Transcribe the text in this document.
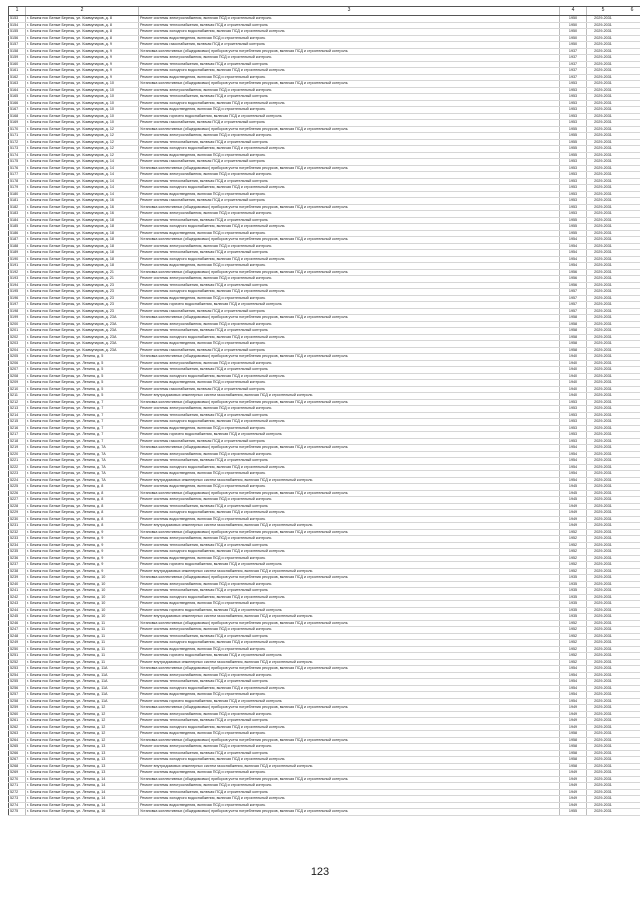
1	2	3	4	5	6
5153	г. Бежеж пос Белые Березы, ул. Коммунаров, д. 8	Ремонт системы электроснабжения, включая ПСД и строительный контроль	1950	2029-2031	
5154	г. Бежеж пос Белые Березы, ул. Коммунаров, д. 8	Ремонт системы теплоснабжения, включая ПСД и строительный контроль	1950	2029-2031	
5155	г. Бежеж пос Белые Березы, ул. Коммунаров, д. 8	Ремонт системы холодного водоснабжения, включая ПСД и строительный контроль	1950	2029-2031	
5156	г. Бежеж пос Белые Березы, ул. Коммунаров, д. 8	Ремонт системы водоотведения, включая ПСД и строительный контроль	1950	2029-2031	
5157	г. Бежеж пос Белые Березы, ул. Коммунаров, д. 9	Ремонт системы газоснабжения, включая ПСД и строительный контроль	1950	2029-2031	
5158	г. Бежеж пос Белые Березы, ул. Коммунаров, д. 9	Установка коллективных (общедомовых) приборов учета потребления ресурсов, включая ПСД и строительный контроль	1937	2029-2031	
5159	г. Бежеж пос Белые Березы, ул. Коммунаров, д. 9	Ремонт системы электроснабжения, включая ПСД и строительный контроль	1937	2029-2031	
5160	г. Бежеж пос Белые Березы, ул. Коммунаров, д. 9	Ремонт системы теплоснабжения, включая ПСД и строительный контроль	1937	2029-2031	
5161	г. Бежеж пос Белые Березы, ул. Коммунаров, д. 9	Ремонт системы холодного водоснабжения, включая ПСД и строительный контроль	1937	2029-2031	
5162	г. Бежеж пос Белые Березы, ул. Коммунаров, д. 9	Ремонт системы водоотведения, включая ПСД и строительный контроль	1937	2029-2031	
5163	г. Бежеж пос Белые Березы, ул. Коммунаров, д. 10	Установка коллективных (общедомовых) приборов учета потребления ресурсов, включая ПСД и строительный контроль	1953	2029-2031	
5164	г. Бежеж пос Белые Березы, ул. Коммунаров, д. 10	Ремонт системы электроснабжения, включая ПСД и строительный контроль	1953	2029-2031	
5165	г. Бежеж пос Белые Березы, ул. Коммунаров, д. 10	Ремонт системы теплоснабжения, включая ПСД и строительный контроль	1953	2029-2031	
5166	г. Бежеж пос Белые Березы, ул. Коммунаров, д. 10	Ремонт системы холодного водоснабжения, включая ПСД и строительный контроль	1953	2029-2031	
5167	г. Бежеж пос Белые Березы, ул. Коммунаров, д. 10	Ремонт системы водоотведения, включая ПСД и строительный контроль	1953	2029-2031	
5168	г. Бежеж пос Белые Березы, ул. Коммунаров, д. 10	Ремонт системы горячего водоснабжения, включая ПСД и строительный контроль	1953	2029-2031	
5169	г. Бежеж пос Белые Березы, ул. Коммунаров, д. 10	Ремонт системы газоснабжения, включая ПСД и строительный контроль	1953	2029-2031	
5170	г. Бежеж пос Белые Березы, ул. Коммунаров, д. 12	Установка коллективных (общедомовых) приборов учета потребления ресурсов, включая ПСД и строительный контроль	1955	2029-2031	
5171	г. Бежеж пос Белые Березы, ул. Коммунаров, д. 12	Ремонт системы электроснабжения, включая ПСД и строительный контроль	1955	2029-2031	
5172	г. Бежеж пос Белые Березы, ул. Коммунаров, д. 12	Ремонт системы теплоснабжения, включая ПСД и строительный контроль	1955	2029-2031	
5173	г. Бежеж пос Белые Березы, ул. Коммунаров, д. 12	Ремонт системы холодного водоснабжения, включая ПСД и строительный контроль	1955	2029-2031	
5174	г. Бежеж пос Белые Березы, ул. Коммунаров, д. 12	Ремонт системы водоотведения, включая ПСД и строительный контроль	1955	2029-2031	
5175	г. Бежеж пос Белые Березы, ул. Коммунаров, д. 14	Ремонт системы газоснабжения, включая ПСД и строительный контроль	1953	2029-2031	
5176	г. Бежеж пос Белые Березы, ул. Коммунаров, д. 14	Установка коллективных (общедомовых) приборов учета потребления ресурсов, включая ПСД и строительный контроль	1953	2029-2031	
5177	г. Бежеж пос Белые Березы, ул. Коммунаров, д. 14	Ремонт системы электроснабжения, включая ПСД и строительный контроль	1953	2029-2031	
5178	г. Бежеж пос Белые Березы, ул. Коммунаров, д. 14	Ремонт системы теплоснабжения, включая ПСД и строительный контроль	1953	2029-2031	
5179	г. Бежеж пос Белые Березы, ул. Коммунаров, д. 14	Ремонт системы холодного водоснабжения, включая ПСД и строительный контроль	1953	2029-2031	
5180	г. Бежеж пос Белые Березы, ул. Коммунаров, д. 14	Ремонт системы водоотведения, включая ПСД и строительный контроль	1953	2029-2031	
5181	г. Бежеж пос Белые Березы, ул. Коммунаров, д. 16	Ремонт системы газоснабжения, включая ПСД и строительный контроль	1953	2029-2031	
5182	г. Бежеж пос Белые Березы, ул. Коммунаров, д. 16	Установка коллективных (общедомовых) приборов учета потребления ресурсов, включая ПСД и строительный контроль	1953	2029-2031	
5183	г. Бежеж пос Белые Березы, ул. Коммунаров, д. 16	Ремонт системы электроснабжения, включая ПСД и строительный контроль	1953	2029-2031	
5184	г. Бежеж пос Белые Березы, ул. Коммунаров, д. 18	Ремонт системы теплоснабжения, включая ПСД и строительный контроль	1955	2029-2031	
5185	г. Бежеж пос Белые Березы, ул. Коммунаров, д. 18	Ремонт системы холодного водоснабжения, включая ПСД и строительный контроль	1955	2029-2031	
5186	г. Бежеж пос Белые Березы, ул. Коммунаров, д. 18	Ремонт системы водоотведения, включая ПСД и строительный контроль	1955	2029-2031	
5187	г. Бежеж пос Белые Березы, ул. Коммунаров, д. 18	Установка коллективных (общедомовых) приборов учета потребления ресурсов, включая ПСД и строительный контроль	1954	2029-2031	
5188	г. Бежеж пос Белые Березы, ул. Коммунаров, д. 18	Ремонт системы электроснабжения, включая ПСД и строительный контроль	1954	2029-2031	
5189	г. Бежеж пос Белые Березы, ул. Коммунаров, д. 18	Ремонт системы теплоснабжения, включая ПСД и строительный контроль	1954	2029-2031	
5190	г. Бежеж пос Белые Березы, ул. Коммунаров, д. 18	Ремонт системы холодного водоснабжения, включая ПСД и строительный контроль	1954	2029-2031	
5191	г. Бежеж пос Белые Березы, ул. Коммунаров, д. 18	Ремонт системы водоотведения, включая ПСД и строительный контроль	1954	2029-2031	
5192	г. Бежеж пос Белые Березы, ул. Коммунаров, д. 21	Установка коллективных (общедомовых) приборов учета потребления ресурсов, включая ПСД и строительный контроль	1956	2029-2031	
5193	г. Бежеж пос Белые Березы, ул. Коммунаров, д. 21	Ремонт системы электроснабжения, включая ПСД и строительный контроль	1956	2029-2031	
5194	г. Бежеж пос Белые Березы, ул. Коммунаров, д. 23	Ремонт системы теплоснабжения, включая ПСД и строительный контроль	1956	2029-2031	
5195	г. Бежеж пос Белые Березы, ул. Коммунаров, д. 23	Ремонт системы холодного водоснабжения, включая ПСД и строительный контроль	1957	2029-2031	
5196	г. Бежеж пос Белые Березы, ул. Коммунаров, д. 23	Ремонт системы водоотведения, включая ПСД и строительный контроль	1957	2029-2031	
5197	г. Бежеж пос Белые Березы, ул. Коммунаров, д. 23	Ремонт системы горячего водоснабжения, включая ПСД и строительный контроль	1957	2029-2031	
5198	г. Бежеж пос Белые Березы, ул. Коммунаров, д. 23	Ремонт системы газоснабжения, включая ПСД и строительный контроль	1957	2029-2031	
5199	г. Бежеж пос Белые Березы, ул. Коммунаров, д. 23А	Установка коллективных (общедомовых) приборов учета потребления ресурсов, включая ПСД и строительный контроль	1958	2029-2031	
5200	г. Бежеж пос Белые Березы, ул. Коммунаров, д. 23А	Ремонт системы электроснабжения, включая ПСД и строительный контроль	1958	2029-2031	
5201	г. Бежеж пос Белые Березы, ул. Коммунаров, д. 23А	Ремонт системы теплоснабжения, включая ПСД и строительный контроль	1958	2029-2031	
5202	г. Бежеж пос Белые Березы, ул. Коммунаров, д. 23А	Ремонт системы холодного водоснабжения, включая ПСД и строительный контроль	1958	2029-2031	
5203	г. Бежеж пос Белые Березы, ул. Коммунаров, д. 23А	Ремонт системы водоотведения, включая ПСД и строительный контроль	1958	2029-2031	
5204	г. Бежеж пос Белые Березы, ул. Коммунаров, д. 23А	Ремонт системы газоснабжения, включая ПСД и строительный контроль	1958	2029-2031	
5205	г. Бежеж пос Белые Березы, ул. Ленина, д. 5	Установка коллективных (общедомовых) приборов учета потребления ресурсов, включая ПСД и строительный контроль	1940	2029-2031	
5206	г. Бежеж пос Белые Березы, ул. Ленина, д. 5	Ремонт системы электроснабжения, включая ПСД и строительный контроль	1940	2029-2031	
5207	г. Бежеж пос Белые Березы, ул. Ленина, д. 5	Ремонт системы теплоснабжения, включая ПСД и строительный контроль	1940	2029-2031	
5208	г. Бежеж пос Белые Березы, ул. Ленина, д. 5	Ремонт системы холодного водоснабжения, включая ПСД и строительный контроль	1940	2029-2031	
5209	г. Бежеж пос Белые Березы, ул. Ленина, д. 5	Ремонт системы водоотведения, включая ПСД и строительный контроль	1940	2029-2031	
5210	г. Бежеж пос Белые Березы, ул. Ленина, д. 5	Ремонт системы газоснабжения, включая ПСД и строительный контроль	1940	2029-2031	
5211	г. Бежеж пос Белые Березы, ул. Ленина, д. 5	Ремонт внутридомовых инженерных систем газоснабжения, включая ПСД и строительный контроль	1940	2029-2031	
5212	г. Бежеж пос Белые Березы, ул. Ленина, д. 7	Установка коллективных (общедомовых) приборов учета потребления ресурсов, включая ПСД и строительный контроль	1953	2029-2031	
5213	г. Бежеж пос Белые Березы, ул. Ленина, д. 7	Ремонт системы электроснабжения, включая ПСД и строительный контроль	1953	2029-2031	
5214	г. Бежеж пос Белые Березы, ул. Ленина, д. 7	Ремонт системы теплоснабжения, включая ПСД и строительный контроль	1953	2029-2031	
5215	г. Бежеж пос Белые Березы, ул. Ленина, д. 7	Ремонт системы холодного водоснабжения, включая ПСД и строительный контроль	1953	2029-2031	
5216	г. Бежеж пос Белые Березы, ул. Ленина, д. 7	Ремонт системы водоотведения, включая ПСД и строительный контроль	1953	2029-2031	
5217	г. Бежеж пос Белые Березы, ул. Ленина, д. 7	Ремонт системы горячего водоснабжения, включая ПСД и строительный контроль	1953	2029-2031	
5218	г. Бежеж пос Белые Березы, ул. Ленина, д. 7	Ремонт системы газоснабжения, включая ПСД и строительный контроль	1953	2029-2031	
5219	г. Бежеж пос Белые Березы, ул. Ленина, д. 7А	Установка коллективных (общедомовых) приборов учета потребления ресурсов, включая ПСД и строительный контроль	1954	2029-2031	
5220	г. Бежеж пос Белые Березы, ул. Ленина, д. 7А	Ремонт системы электроснабжения, включая ПСД и строительный контроль	1954	2029-2031	
5221	г. Бежеж пос Белые Березы, ул. Ленина, д. 7А	Ремонт системы теплоснабжения, включая ПСД и строительный контроль	1954	2029-2031	
5222	г. Бежеж пос Белые Березы, ул. Ленина, д. 7А	Ремонт системы холодного водоснабжения, включая ПСД и строительный контроль	1954	2029-2031	
5223	г. Бежеж пос Белые Березы, ул. Ленина, д. 7А	Ремонт системы водоотведения, включая ПСД и строительный контроль	1954	2029-2031	
5224	г. Бежеж пос Белые Березы, ул. Ленина, д. 7А	Ремонт внутридомовых инженерных систем газоснабжения, включая ПСД и строительный контроль	1954	2029-2031	
5225	г. Бежеж пос Белые Березы, ул. Ленина, д. 8	Ремонт системы водоотведения, включая ПСД и строительный контроль	1945	2029-2031	
5226	г. Бежеж пос Белые Березы, ул. Ленина, д. 8	Установка коллективных (общедомовых) приборов учета потребления ресурсов, включая ПСД и строительный контроль	1945	2029-2031	
5227	г. Бежеж пос Белые Березы, ул. Ленина, д. 8	Ремонт системы электроснабжения, включая ПСД и строительный контроль	1945	2029-2031	
5228	г. Бежеж пос Белые Березы, ул. Ленина, д. 8	Ремонт системы теплоснабжения, включая ПСД и строительный контроль	1949	2029-2031	
5229	г. Бежеж пос Белые Березы, ул. Ленина, д. 8	Ремонт системы холодного водоснабжения, включая ПСД и строительный контроль	1949	2029-2031	
5230	г. Бежеж пос Белые Березы, ул. Ленина, д. 8	Ремонт системы водоотведения, включая ПСД и строительный контроль	1949	2029-2031	
5231	г. Бежеж пос Белые Березы, ул. Ленина, д. 8	Ремонт внутридомовых инженерных систем газоснабжения, включая ПСД и строительный контроль	1949	2029-2031	
5232	г. Бежеж пос Белые Березы, ул. Ленина, д. 9	Установка коллективных (общедомовых) приборов учета потребления ресурсов, включая ПСД и строительный контроль	1952	2029-2031	
5233	г. Бежеж пос Белые Березы, ул. Ленина, д. 9	Ремонт системы электроснабжения, включая ПСД и строительный контроль	1952	2029-2031	
5234	г. Бежеж пос Белые Березы, ул. Ленина, д. 9	Ремонт системы теплоснабжения, включая ПСД и строительный контроль	1952	2029-2031	
5235	г. Бежеж пос Белые Березы, ул. Ленина, д. 9	Ремонт системы холодного водоснабжения, включая ПСД и строительный контроль	1952	2029-2031	
5236	г. Бежеж пос Белые Березы, ул. Ленина, д. 9	Ремонт системы водоотведения, включая ПСД и строительный контроль	1952	2029-2031	
5237	г. Бежеж пос Белые Березы, ул. Ленина, д. 9	Ремонт системы горячего водоснабжения, включая ПСД и строительный контроль	1952	2029-2031	
5238	г. Бежеж пос Белые Березы, ул. Ленина, д. 9	Ремонт внутридомовых инженерных систем газоснабжения, включая ПСД и строительный контроль	1952	2029-2031	
5239	г. Бежеж пос Белые Березы, ул. Ленина, д. 10	Установка коллективных (общедомовых) приборов учета потребления ресурсов, включая ПСД и строительный контроль	1935	2029-2031	
5240	г. Бежеж пос Белые Березы, ул. Ленина, д. 10	Ремонт системы электроснабжения, включая ПСД и строительный контроль	1935	2029-2031	
5241	г. Бежеж пос Белые Березы, ул. Ленина, д. 10	Ремонт системы теплоснабжения, включая ПСД и строительный контроль	1935	2029-2031	
5242	г. Бежеж пос Белые Березы, ул. Ленина, д. 10	Ремонт системы холодного водоснабжения, включая ПСД и строительный контроль	1935	2029-2031	
5243	г. Бежеж пос Белые Березы, ул. Ленина, д. 10	Ремонт системы водоотведения, включая ПСД и строительный контроль	1935	2029-2031	
5244	г. Бежеж пос Белые Березы, ул. Ленина, д. 10	Ремонт системы горячего водоснабжения, включая ПСД и строительный контроль	1935	2029-2031	
5245	г. Бежеж пос Белые Березы, ул. Ленина, д. 10	Ремонт внутридомовых инженерных систем газоснабжения, включая ПСД и строительный контроль	1935	2029-2031	
5246	г. Бежеж пос Белые Березы, ул. Ленина, д. 11	Установка коллективных (общедомовых) приборов учета потребления ресурсов, включая ПСД и строительный контроль	1952	2029-2031	
5247	г. Бежеж пос Белые Березы, ул. Ленина, д. 11	Ремонт системы электроснабжения, включая ПСД и строительный контроль	1952	2029-2031	
5248	г. Бежеж пос Белые Березы, ул. Ленина, д. 11	Ремонт системы теплоснабжения, включая ПСД и строительный контроль	1952	2029-2031	
5249	г. Бежеж пос Белые Березы, ул. Ленина, д. 11	Ремонт системы холодного водоснабжения, включая ПСД и строительный контроль	1952	2029-2031	
5250	г. Бежеж пос Белые Березы, ул. Ленина, д. 11	Ремонт системы водоотведения, включая ПСД и строительный контроль	1952	2029-2031	
5251	г. Бежеж пос Белые Березы, ул. Ленина, д. 11	Ремонт системы горячего водоснабжения, включая ПСД и строительный контроль	1952	2029-2031	
5252	г. Бежеж пос Белые Березы, ул. Ленина, д. 11	Ремонт внутридомовых инженерных систем газоснабжения, включая ПСД и строительный контроль	1952	2029-2031	
5253	г. Бежеж пос Белые Березы, ул. Ленина, д. 11А	Установка коллективных (общедомовых) приборов учета потребления ресурсов, включая ПСД и строительный контроль	1954	2029-2031	
5254	г. Бежеж пос Белые Березы, ул. Ленина, д. 11А	Ремонт системы электроснабжения, включая ПСД и строительный контроль	1954	2029-2031	
5255	г. Бежеж пос Белые Березы, ул. Ленина, д. 11А	Ремонт системы теплоснабжения, включая ПСД и строительный контроль	1954	2029-2031	
5256	г. Бежеж пос Белые Березы, ул. Ленина, д. 11А	Ремонт системы холодного водоснабжения, включая ПСД и строительный контроль	1954	2029-2031	
5257	г. Бежеж пос Белые Березы, ул. Ленина, д. 11А	Ремонт системы водоотведения, включая ПСД и строительный контроль	1954	2029-2031	
5258	г. Бежеж пос Белые Березы, ул. Ленина, д. 11А	Ремонт системы горячего водоснабжения, включая ПСД и строительный контроль	1954	2029-2031	
5259	г. Бежеж пос Белые Березы, ул. Ленина, д. 12	Установка коллективных (общедомовых) приборов учета потребления ресурсов, включая ПСД и строительный контроль	1949	2029-2031	
5260	г. Бежеж пос Белые Березы, ул. Ленина, д. 12	Ремонт системы электроснабжения, включая ПСД и строительный контроль	1949	2029-2031	
5261	г. Бежеж пос Белые Березы, ул. Ленина, д. 12	Ремонт системы теплоснабжения, включая ПСД и строительный контроль	1949	2029-2031	
5262	г. Бежеж пос Белые Березы, ул. Ленина, д. 12	Ремонт системы холодного водоснабжения, включая ПСД и строительный контроль	1949	2029-2031	
5263	г. Бежеж пос Белые Березы, ул. Ленина, д. 12	Ремонт системы водоотведения, включая ПСД и строительный контроль	1958	2029-2031	
5264	г. Бежеж пос Белые Березы, ул. Ленина, д. 12	Установка коллективных (общедомовых) приборов учета потребления ресурсов, включая ПСД и строительный контроль	1958	2029-2031	
5265	г. Бежеж пос Белые Березы, ул. Ленина, д. 13	Ремонт системы электроснабжения, включая ПСД и строительный контроль	1958	2029-2031	
5266	г. Бежеж пос Белые Березы, ул. Ленина, д. 13	Ремонт системы теплоснабжения, включая ПСД и строительный контроль	1958	2029-2031	
5267	г. Бежеж пос Белые Березы, ул. Ленина, д. 13	Ремонт системы холодного водоснабжения, включая ПСД и строительный контроль	1958	2029-2031	
5268	г. Бежеж пос Белые Березы, ул. Ленина, д. 13	Ремонт внутридомовых инженерных систем газоснабжения, включая ПСД и строительный контроль	1958	2029-2031	
5269	г. Бежеж пос Белые Березы, ул. Ленина, д. 13	Ремонт системы водоотведения, включая ПСД и строительный контроль	1949	2029-2031	
5270	г. Бежеж пос Белые Березы, ул. Ленина, д. 14	Установка коллективных (общедомовых) приборов учета потребления ресурсов, включая ПСД и строительный контроль	1949	2029-2031	
5271	г. Бежеж пос Белые Березы, ул. Ленина, д. 14	Ремонт системы электроснабжения, включая ПСД и строительный контроль	1949	2029-2031	
5272	г. Бежеж пос Белые Березы, ул. Ленина, д. 14	Ремонт системы теплоснабжения, включая ПСД и строительный контроль	1949	2029-2031	
5273	г. Бежеж пос Белые Березы, ул. Ленина, д. 14	Ремонт системы холодного водоснабжения, включая ПСД и строительный контроль	1949	2029-2031	
5274	г. Бежеж пос Белые Березы, ул. Ленина, д. 14	Ремонт системы водоотведения, включая ПСД и строительный контроль	1949	2029-2031	
5275	г. Бежеж пос Белые Березы, ул. Ленина, д. 16	Установка коллективных (общедомовых) приборов учета потребления ресурсов, включая ПСД и строительный контроль	1955	2029-2031	
123
